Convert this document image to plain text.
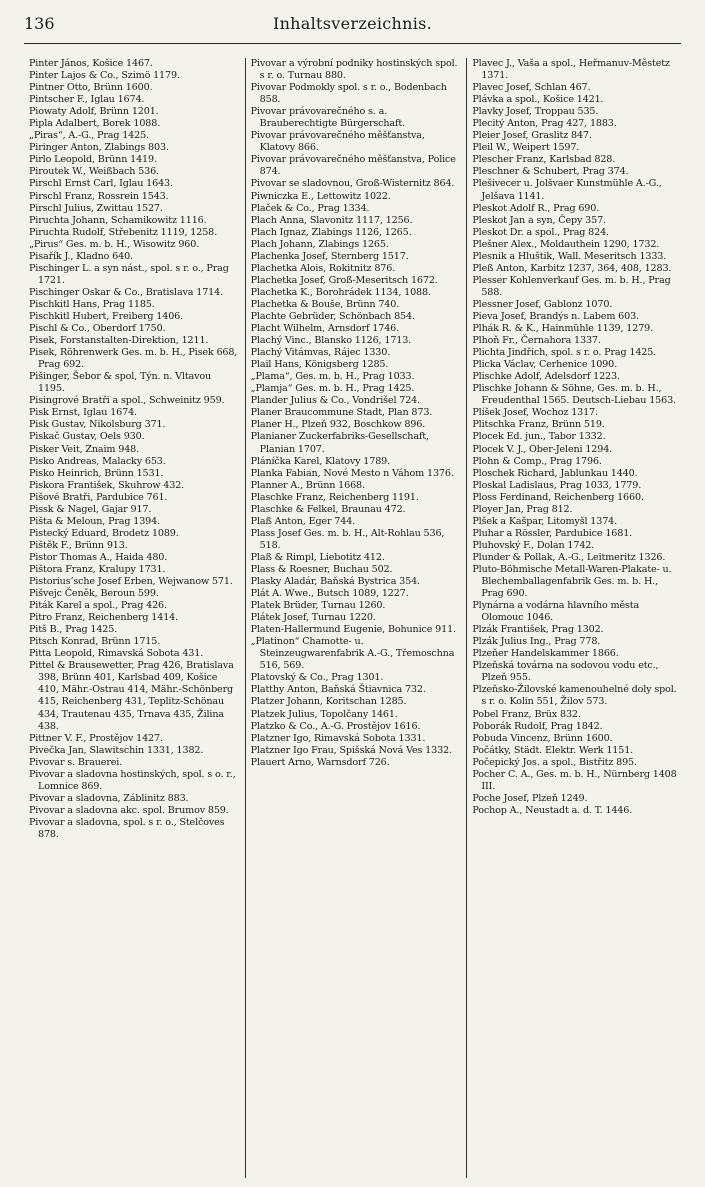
136	Inhaltsverzeichnis.
Pinter János, Košice 1467.
Pinter Lajos & Co., Szimö 1179.
Pintner Otto, Brünn 1600.
Pintscher F., Iglau 1674.
Piowaty Adolf, Brünn 1201.
Pipla Adalbert, Borek 1088.
„Piras“, A.-G., Prag 1425.
Piringer Anton, Zlabings 803.
Pirlo Leopold, Brünn 1419.
Piroutek W., Weißbach 536.
Pirschl Ernst Carl, Iglau 1643.
Pirschl Franz, Rossrein 1543.
Pirschl Julius, Zwittau 1527.
Piruchta Johann, Schamikowitz 1116.
Piruchta Rudolf, Střebenitz 1119, 1258.
„Pirus“ Ges. m. b. H., Wisowitz 960.
Pisařík J., Kladno 640.
Pischinger L. a syn nást., spol. s r. o., Prag 1721.
Pischinger Oskar & Co., Bratislava 1714.
Pischkitl Hans, Prag 1185.
Pischkitl Hubert, Freiberg 1406.
Pischl & Co., Oberdorf 1750.
Pisek, Forstanstalten-Direktion, 1211.
Pisek, Röhrenwerk Ges. m. b. H., Pisek 668, Prag 692.
Pišinger, Šebor & spol, Týn. n. Vltavou 1195.
Pisingrové Bratři a spol., Schweinitz 959.
Pisk Ernst, Iglau 1674.
Pisk Gustav, Nikolsburg 371.
Piskač Gustav, Oels 930.
Pisker Veit, Znaim 948.
Pisko Andreas, Malacky 653.
Pisko Heinrich, Brünn 1531.
Piskora František, Skuhrow 432.
Pišové Bratři, Pardubice 761.
Pissk & Nagel, Gajar 917.
Pišta & Meloun, Prag 1394.
Pistecký Eduard, Brodetz 1089.
Pištěk F., Brünn 913.
Pistor Thomas A., Haida 480.
Pištora Franz, Kralupy 1731.
Pistorius’sche Josef Erben, Wejwanow 571.
Pišvejc Čeněk, Beroun 599.
Piták Karel a spol., Prag 426.
Pitro Franz, Reichenberg 1414.
Pitš B., Prag 1425.
Pitsch Konrad, Brünn 1715.
Pitta Leopold, Rimavská Sobota 431.
Pittel & Brausewetter, Prag 426, Bratislava 398, Brünn 401, Karlsbad 409, Košice 410, Mähr.-Ostrau 414, Mähr.-Schönberg 415, Reichenberg 431, Teplitz-Schönau 434, Trautenau 435, Trnava 435, Žilina 438.
Pittner V. F., Prostějov 1427.
Pivečka Jan, Slawitschin 1331, 1382.
Pivovar s. Brauerei.
Pivovar a sladovna hostinských, spol. s o. r., Lomnice 869.
Pivovar a sladovna, Záblinitz 883.
Pivovar a sladovna akc. spol. Brumov 859.
Pivovar a sladovna, spol. s r. o., Stelčoves 878.
Pivovar a výrobní podniky hostinských spol. s r. o. Turnau 880.
Pivovar Podmokly spol. s r. o., Bodenbach 858.
Pivovar právovarečného s. a. Brauberechtigte Bürgerschaft.
Pivovar právovarečného měšťanstva, Klatovy 866.
Pivovar právovarečného měšťanstva, Police 874.
Pivovar se sladovnou, Groß-Wisternitz 864.
Piwniczka E., Lettowitz 1022.
Plaček & Co., Prag 1334.
Plach Anna, Slavonitz 1117, 1256.
Plach Ignaz, Zlabings 1126, 1265.
Plach Johann, Zlabings 1265.
Plachenka Josef, Sternberg 1517.
Plachetka Alois, Rokitnitz 876.
Plachetka Josef, Groß-Meseritsch 1672.
Plachetka K., Borohrádek 1134, 1088.
Plachetka & Bouše, Brünn 740.
Plachte Gebrüder, Schönbach 854.
Placht Wilhelm, Arnsdorf 1746.
Plachý Vinc., Blansko 1126, 1713.
Plachý Vitámvas, Rájec 1330.
Plail Hans, Königsberg 1285.
„Plama“, Ges. m. b. H., Prag 1033.
„Plamja“ Ges. m. b. H., Prag 1425.
Plander Julius & Co., Vondrišel 724.
Planer Braucommune Stadt, Plan 873.
Planer H., Plzeň 932, Boschkow 896.
Planianer Zuckerfabriks-Gesellschaft, Planian 1707.
Pláníčka Karel, Klatovy 1789.
Planka Fabian, Nové Mesto n Váhom 1376.
Planner A., Brünn 1668.
Plaschke Franz, Reichenberg 1191.
Plaschke & Felkel, Braunau 472.
Plaß Anton, Eger 744.
Plass Josef Ges. m. b. H., Alt-Rohlau 536, 518.
Plaß & Rimpl, Liebotitz 412.
Plass & Roesner, Buchau 502.
Plasky Aladár, Baňská Bystrica 354.
Plát A. Wwe., Butsch 1089, 1227.
Platek Brüder, Turnau 1260.
Plátek Josef, Turnau 1220.
Platen-Hallermund Eugenie, Bohunice 911.
„Platinon“ Chamotte- u. Steinzeugwarenfabrik A.-G., Třemoschna 516, 569.
Platovský & Co., Prag 1301.
Platthy Anton, Baňská Štiavnica 732.
Platzer Johann, Koritschan 1285.
Platzek Julius, Topolčany 1461.
Platzko & Co., A.-G. Prostějov 1616.
Platzner Igo, Rimavská Sobota 1331.
Platzner Igo Frau, Spišská Nová Ves 1332.
Plauert Arno, Warnsdorf 726.
Plavec J., Vaša a spol., Heřmanuv-Městetz 1371.
Plavec Josef, Schlan 467.
Plávka a spol., Košice 1421.
Plavky Josef, Troppau 535.
Plecitý Anton, Prag 427, 1883.
Pleier Josef, Graslitz 847.
Pleil W., Weipert 1597.
Plescher Franz, Karlsbad 828.
Pleschner & Schubert, Prag 374.
Plešivecer u. Jolšvaer Kunstmühle A.-G., Jelšava 1141.
Pleskot Adolf R., Prag 690.
Pleskot Jan a syn, Čepy 357.
Pleskot Dr. a spol., Prag 824.
Plešner Alex., Moldauthein 1290, 1732.
Plesnik a Hluštik, Wall. Meseritsch 1333.
Pleß Anton, Karbitz 1237, 364, 408, 1283.
Plesser Kohlenverkauf Ges. m. b. H., Prag 588.
Plessner Josef, Gablonz 1070.
Pieva Josef, Brandýs n. Labem 603.
Plhák R. & K., Hainmühle 1139, 1279.
Plhoň Fr., Černahora 1337.
Plichta Jindřich, spol. s r. o. Prag 1425.
Plicka Václav, Cerhenice 1090.
Plischke Adolf, Adelsdorf 1223.
Plischke Johann & Söhne, Ges. m. b. H., Freudenthal 1565. Deutsch-Liebau 1563.
Plíšek Josef, Wochoz 1317.
Plitschka Franz, Brünn 519.
Plocek Ed. jun., Tabor 1332.
Plocek V. J., Ober-Jeleni 1294.
Plohn & Comp., Prag 1796.
Ploschek Richard, Jablunkau 1440.
Ploskal Ladislaus, Prag 1033, 1779.
Ploss Ferdinand, Reichenberg 1660.
Ployer Jan, Prag 812.
Plšek a Kašpar, Litomyšl 1374.
Pluhar a Rössler, Pardubice 1681.
Pluhovský F., Dolan 1742.
Plunder & Pollak, A.-G., Leitmeritz 1326.
Pluto-Böhmische Metall-Waren-Plakate- u. Blechemballagenfabrik Ges. m. b. H., Prag 690.
Plynárna a vodárna hlavního města Olomouc 1046.
Plzák František, Prag 1302.
Plzák Julius Ing., Prag 778.
Plzeňer Handelskammer 1866.
Plzeňská továrna na sodovou vodu etc., Plzeň 955.
Plzeňsko-Žilovské kamenouhelné doly spol. s r. o. Kolin 551, Žilov 573.
Pobel Franz, Brüx 832.
Poborák Rudolf, Prag 1842.
Pobuda Vincenz, Brünn 1600.
Počátky, Städt. Elektr. Werk 1151.
Počepický Jos. a spol., Bistřitz 895.
Pocher C. A., Ges. m. b. H., Nürnberg 1408 III.
Poche Josef, Plzeň 1249.
Pochop A., Neustadt a. d. T. 1446.
